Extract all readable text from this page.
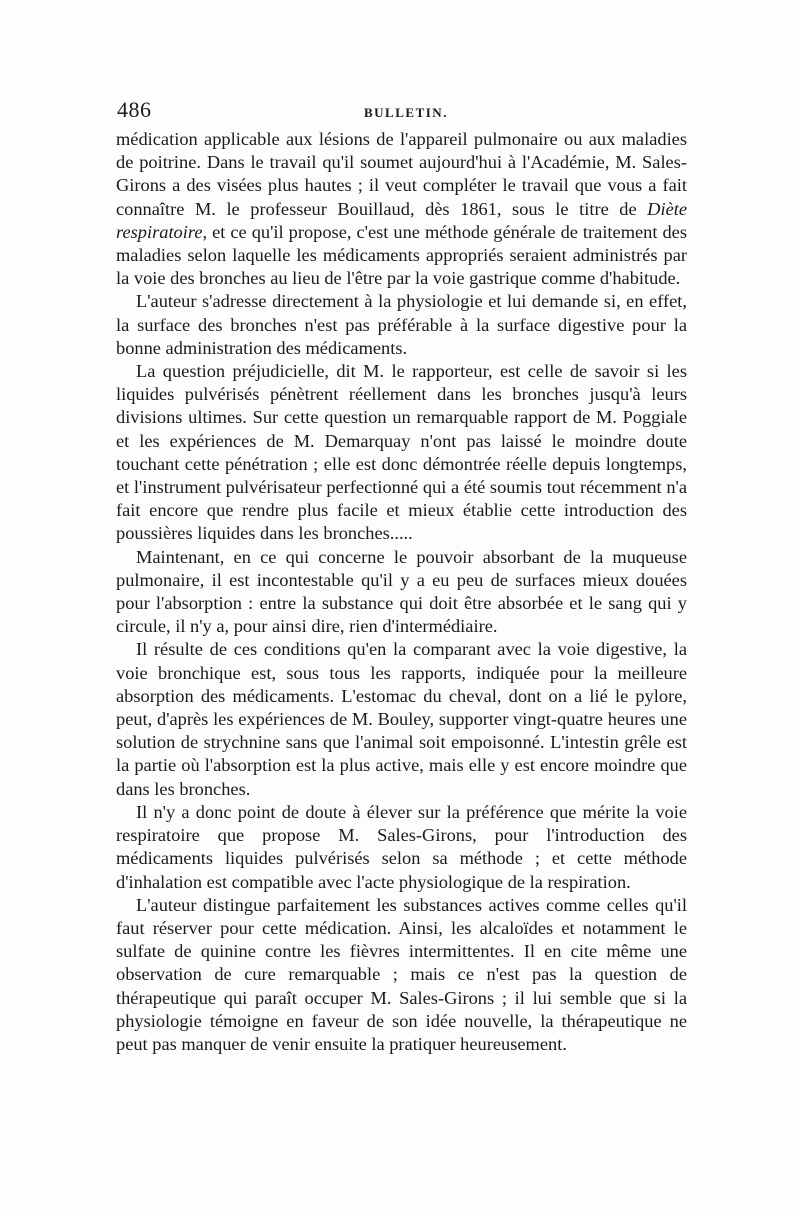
486	BULLETIN.

médication applicable aux lésions de l'appareil pulmonaire ou aux maladies de poitrine. Dans le travail qu'il soumet aujourd'hui à l'Académie, M. Sales-Girons a des visées plus hautes ; il veut compléter le travail que vous a fait connaître M. le professeur Bouillaud, dès 1861, sous le titre de Diète respiratoire, et ce qu'il propose, c'est une méthode générale de traitement des maladies selon laquelle les médicaments appropriés seraient administrés par la voie des bronches au lieu de l'être par la voie gastrique comme d'habitude.

L'auteur s'adresse directement à la physiologie et lui demande si, en effet, la surface des bronches n'est pas préférable à la surface digestive pour la bonne administration des médicaments.

La question préjudicielle, dit M. le rapporteur, est celle de savoir si les liquides pulvérisés pénètrent réellement dans les bronches jusqu'à leurs divisions ultimes. Sur cette question un remarquable rapport de M. Poggiale et les expériences de M. Demarquay n'ont pas laissé le moindre doute touchant cette pénétration ; elle est donc démontrée réelle depuis longtemps, et l'instrument pulvérisateur perfectionné qui a été soumis tout récemment n'a fait encore que rendre plus facile et mieux établie cette introduction des poussières liquides dans les bronches.....

Maintenant, en ce qui concerne le pouvoir absorbant de la muqueuse pulmonaire, il est incontestable qu'il y a eu peu de surfaces mieux douées pour l'absorption : entre la substance qui doit être absorbée et le sang qui y circule, il n'y a, pour ainsi dire, rien d'intermédiaire.

Il résulte de ces conditions qu'en la comparant avec la voie digestive, la voie bronchique est, sous tous les rapports, indiquée pour la meilleure absorption des médicaments. L'estomac du cheval, dont on a lié le pylore, peut, d'après les expériences de M. Bouley, supporter vingt-quatre heures une solution de strychnine sans que l'animal soit empoisonné. L'intestin grêle est la partie où l'absorption est la plus active, mais elle y est encore moindre que dans les bronches.

Il n'y a donc point de doute à élever sur la préférence que mérite la voie respiratoire que propose M. Sales-Girons, pour l'introduction des médicaments liquides pulvérisés selon sa méthode ; et cette méthode d'inhalation est compatible avec l'acte physiologique de la respiration.

L'auteur distingue parfaitement les substances actives comme celles qu'il faut réserver pour cette médication. Ainsi, les alcaloïdes et notamment le sulfate de quinine contre les fièvres intermittentes. Il en cite même une observation de cure remarquable ; mais ce n'est pas la question de thérapeutique qui paraît occuper M. Sales-Girons ; il lui semble que si la physiologie témoigne en faveur de son idée nouvelle, la thérapeutique ne peut pas manquer de venir ensuite la pratiquer heureusement.
